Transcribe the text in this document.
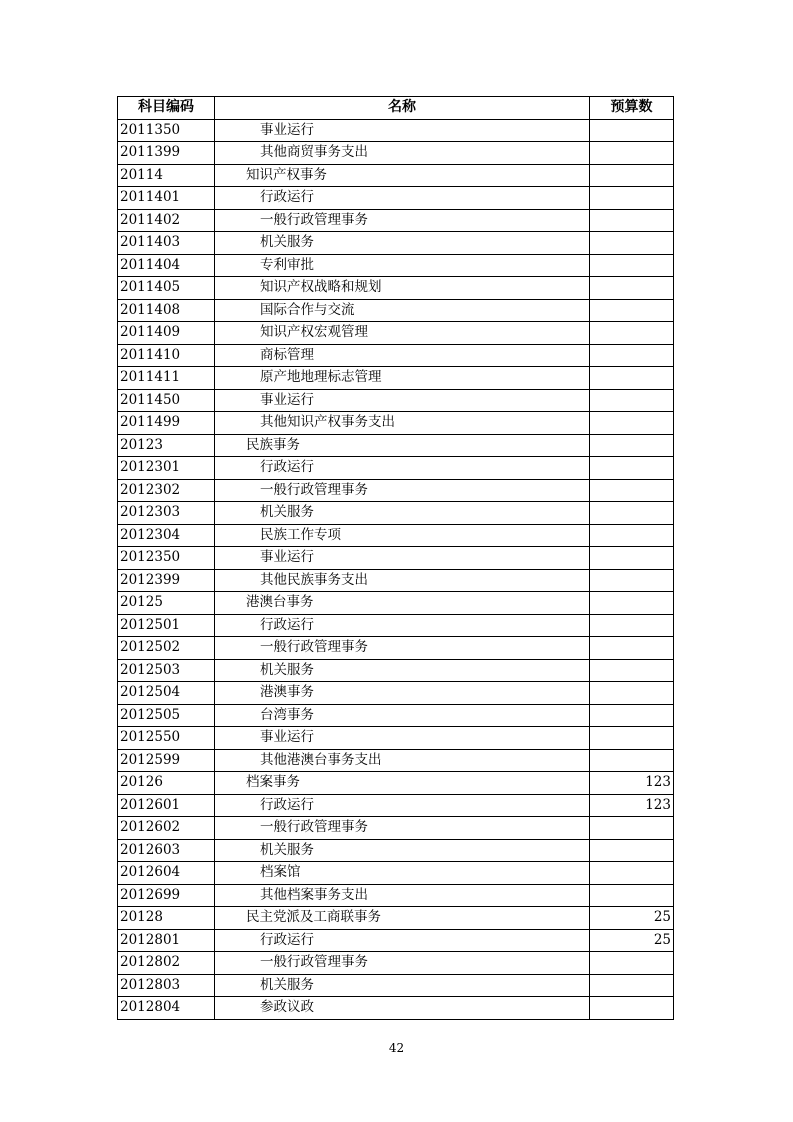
科目编码	名称	预算数
2011350	事业运行	
2011399	其他商贸事务支出	
20114	知识产权事务	
2011401	行政运行	
2011402	一般行政管理事务	
2011403	机关服务	
2011404	专利审批	
2011405	知识产权战略和规划	
2011408	国际合作与交流	
2011409	知识产权宏观管理	
2011410	商标管理	
2011411	原产地地理标志管理	
2011450	事业运行	
2011499	其他知识产权事务支出	
20123	民族事务	
2012301	行政运行	
2012302	一般行政管理事务	
2012303	机关服务	
2012304	民族工作专项	
2012350	事业运行	
2012399	其他民族事务支出	
20125	港澳台事务	
2012501	行政运行	
2012502	一般行政管理事务	
2012503	机关服务	
2012504	港澳事务	
2012505	台湾事务	
2012550	事业运行	
2012599	其他港澳台事务支出	
20126	档案事务	123
2012601	行政运行	123
2012602	一般行政管理事务	
2012603	机关服务	
2012604	档案馆	
2012699	其他档案事务支出	
20128	民主党派及工商联事务	25
2012801	行政运行	25
2012802	一般行政管理事务	
2012803	机关服务	
2012804	参政议政	
42
